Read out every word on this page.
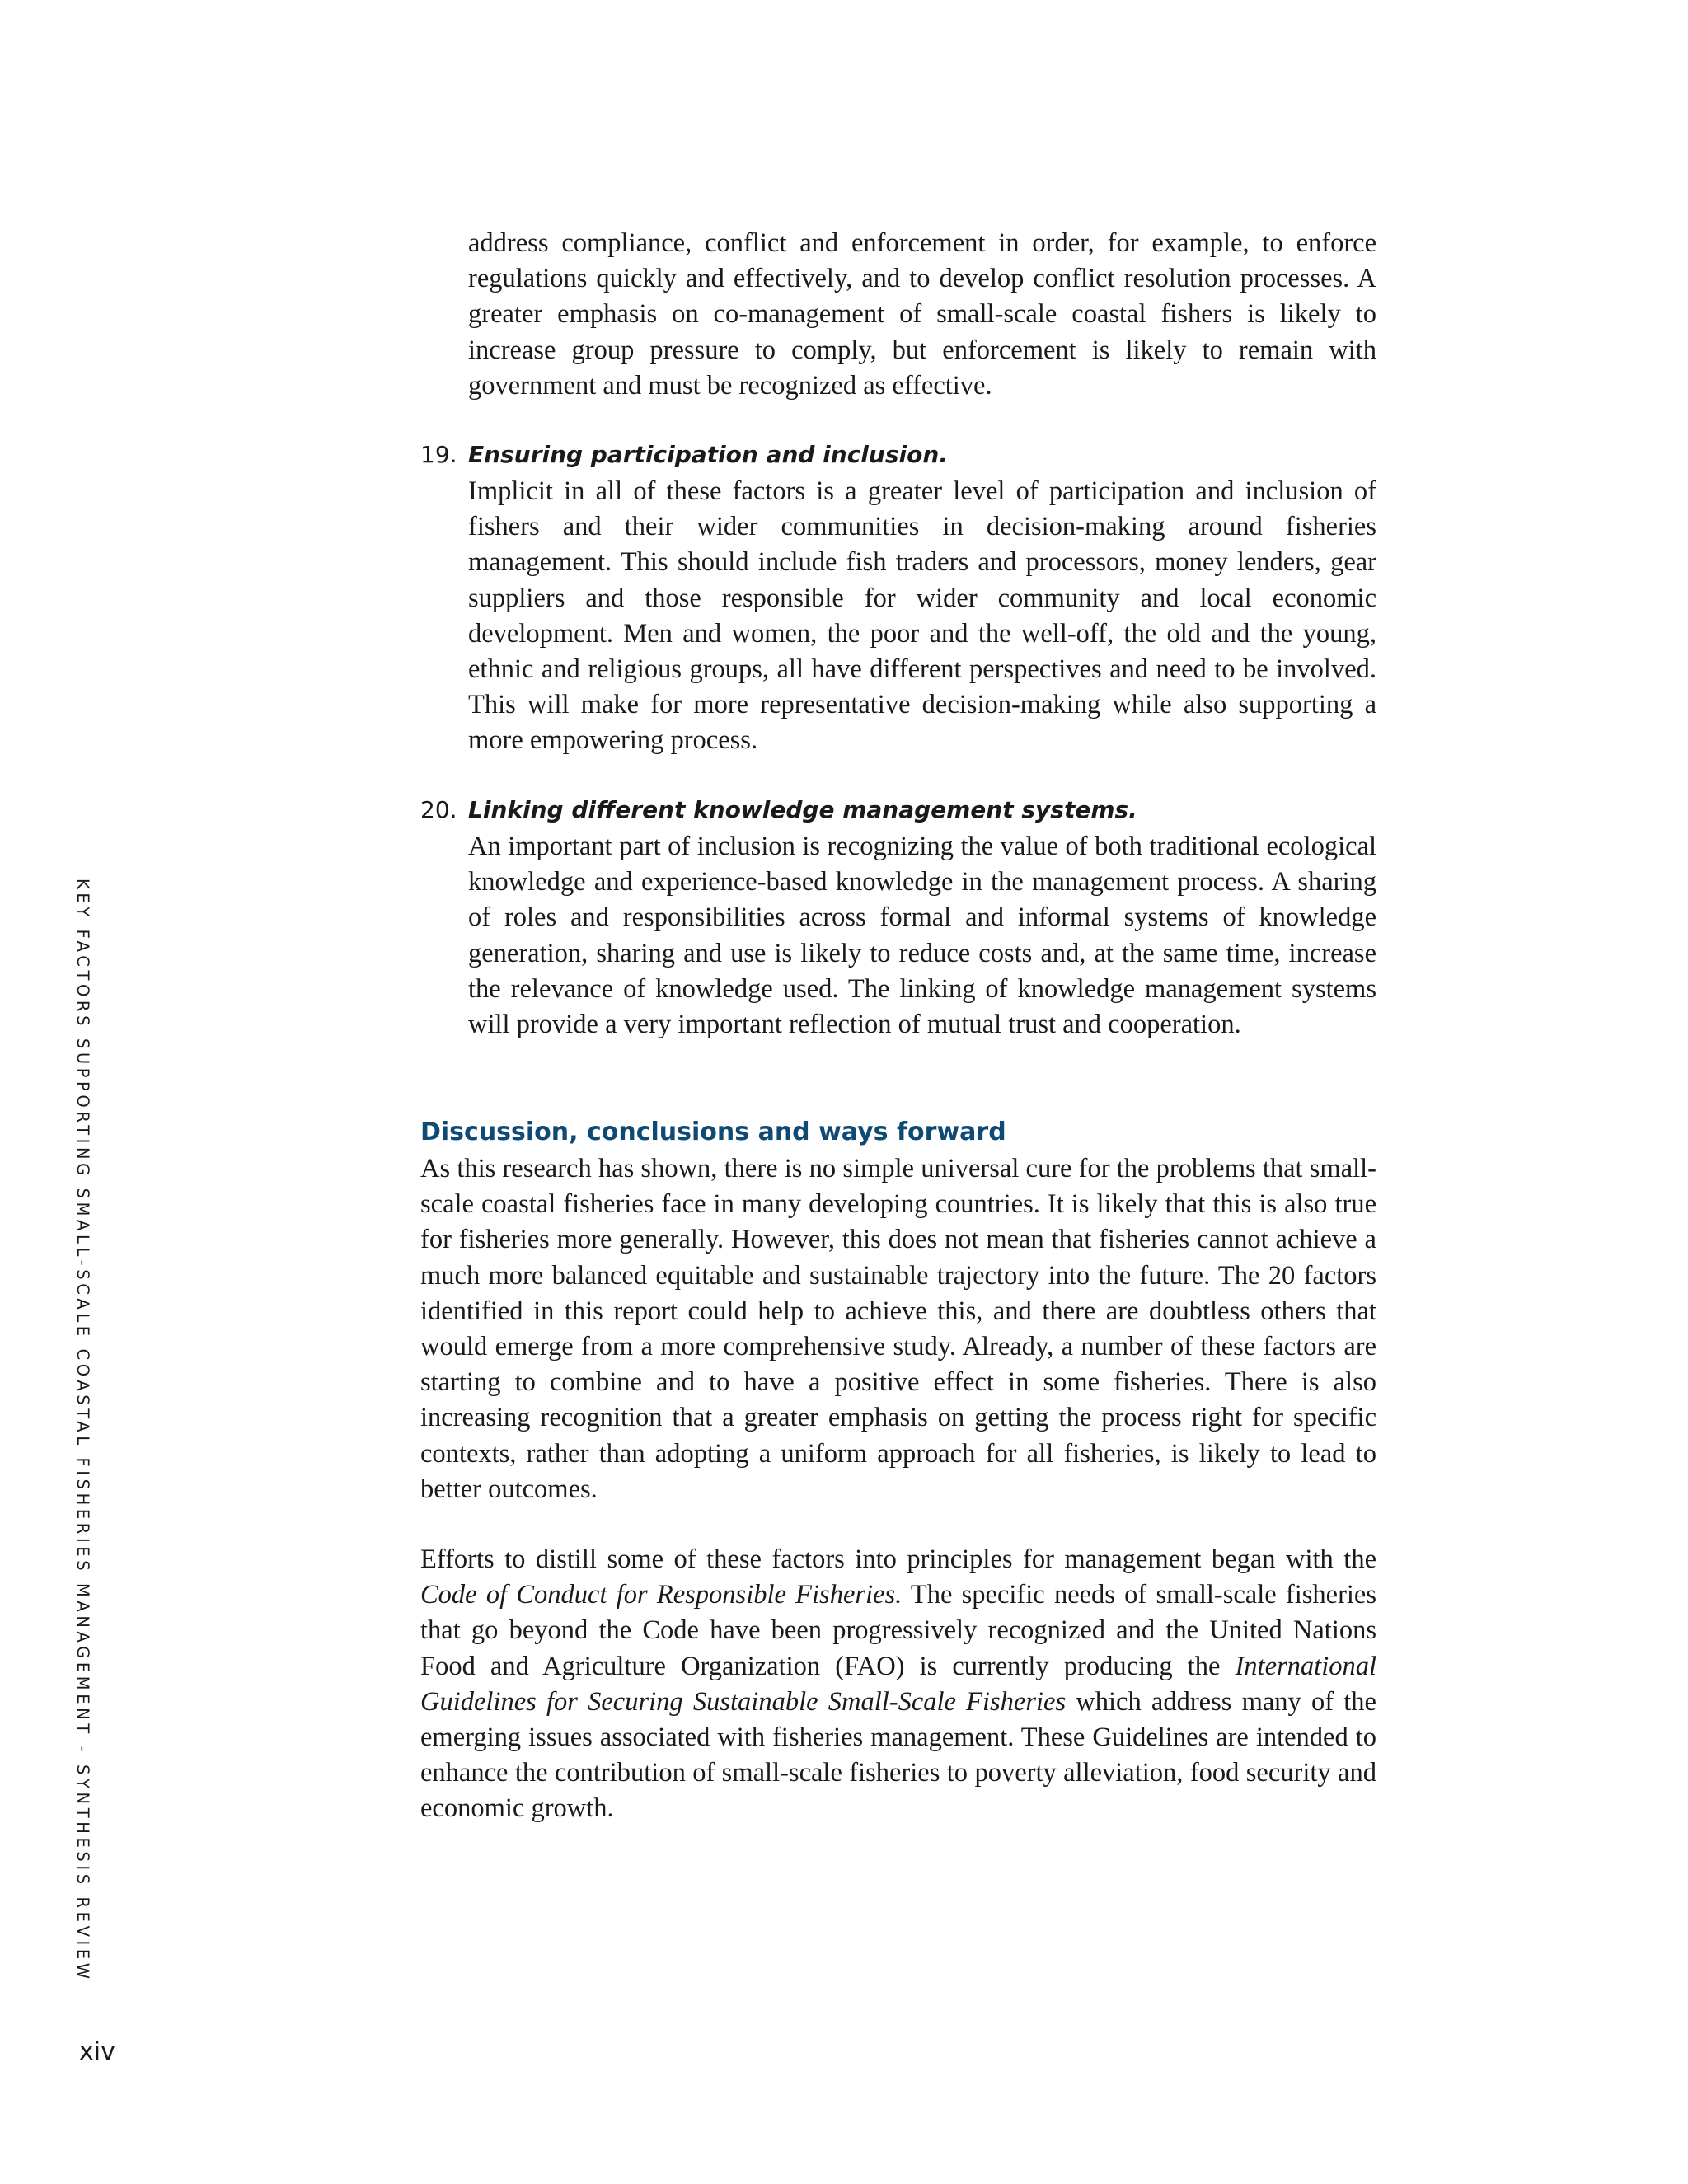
KEY FACTORS SUPPORTING SMALL-SCALE COASTAL FISHERIES MANAGEMENT - SYNTHESIS REVIEW

address compliance, conflict and enforcement in order, for example, to enforce regulations quickly and effectively, and to develop conflict resolution processes. A greater emphasis on co-management of small-scale coastal fishers is likely to increase group pressure to comply, but enforcement is likely to remain with government and must be recognized as effective.

19. Ensuring participation and inclusion.

Implicit in all of these factors is a greater level of participation and inclusion of fishers and their wider communities in decision-making around fisheries management. This should include fish traders and processors, money lenders, gear suppliers and those responsible for wider community and local economic development. Men and women, the poor and the well-off, the old and the young, ethnic and religious groups, all have different perspectives and need to be involved. This will make for more representative decision-making while also supporting a more empowering process.

20. Linking different knowledge management systems.

An important part of inclusion is recognizing the value of both traditional ecological knowledge and experience-based knowledge in the management process. A sharing of roles and responsibilities across formal and informal systems of knowledge generation, sharing and use is likely to reduce costs and, at the same time, increase the relevance of knowledge used. The linking of knowledge management systems will provide a very important reflection of mutual trust and cooperation.

Discussion, conclusions and ways forward

As this research has shown, there is no simple universal cure for the problems that small-scale coastal fisheries face in many developing countries. It is likely that this is also true for fisheries more generally. However, this does not mean that fisheries cannot achieve a much more balanced equitable and sustainable trajectory into the future. The 20 factors identified in this report could help to achieve this, and there are doubtless others that would emerge from a more comprehensive study. Already, a number of these factors are starting to combine and to have a positive effect in some fisheries. There is also increasing recognition that a greater emphasis on getting the process right for specific contexts, rather than adopting a uniform approach for all fisheries, is likely to lead to better outcomes.

Efforts to distill some of these factors into principles for management began with the Code of Conduct for Responsible Fisheries. The specific needs of small-scale fisheries that go beyond the Code have been progressively recognized and the United Nations Food and Agriculture Organization (FAO) is currently producing the International Guidelines for Securing Sustainable Small-Scale Fisheries which address many of the emerging issues associated with fisheries management. These Guidelines are intended to enhance the contribution of small-scale fisheries to poverty alleviation, food security and economic growth.

xiv
